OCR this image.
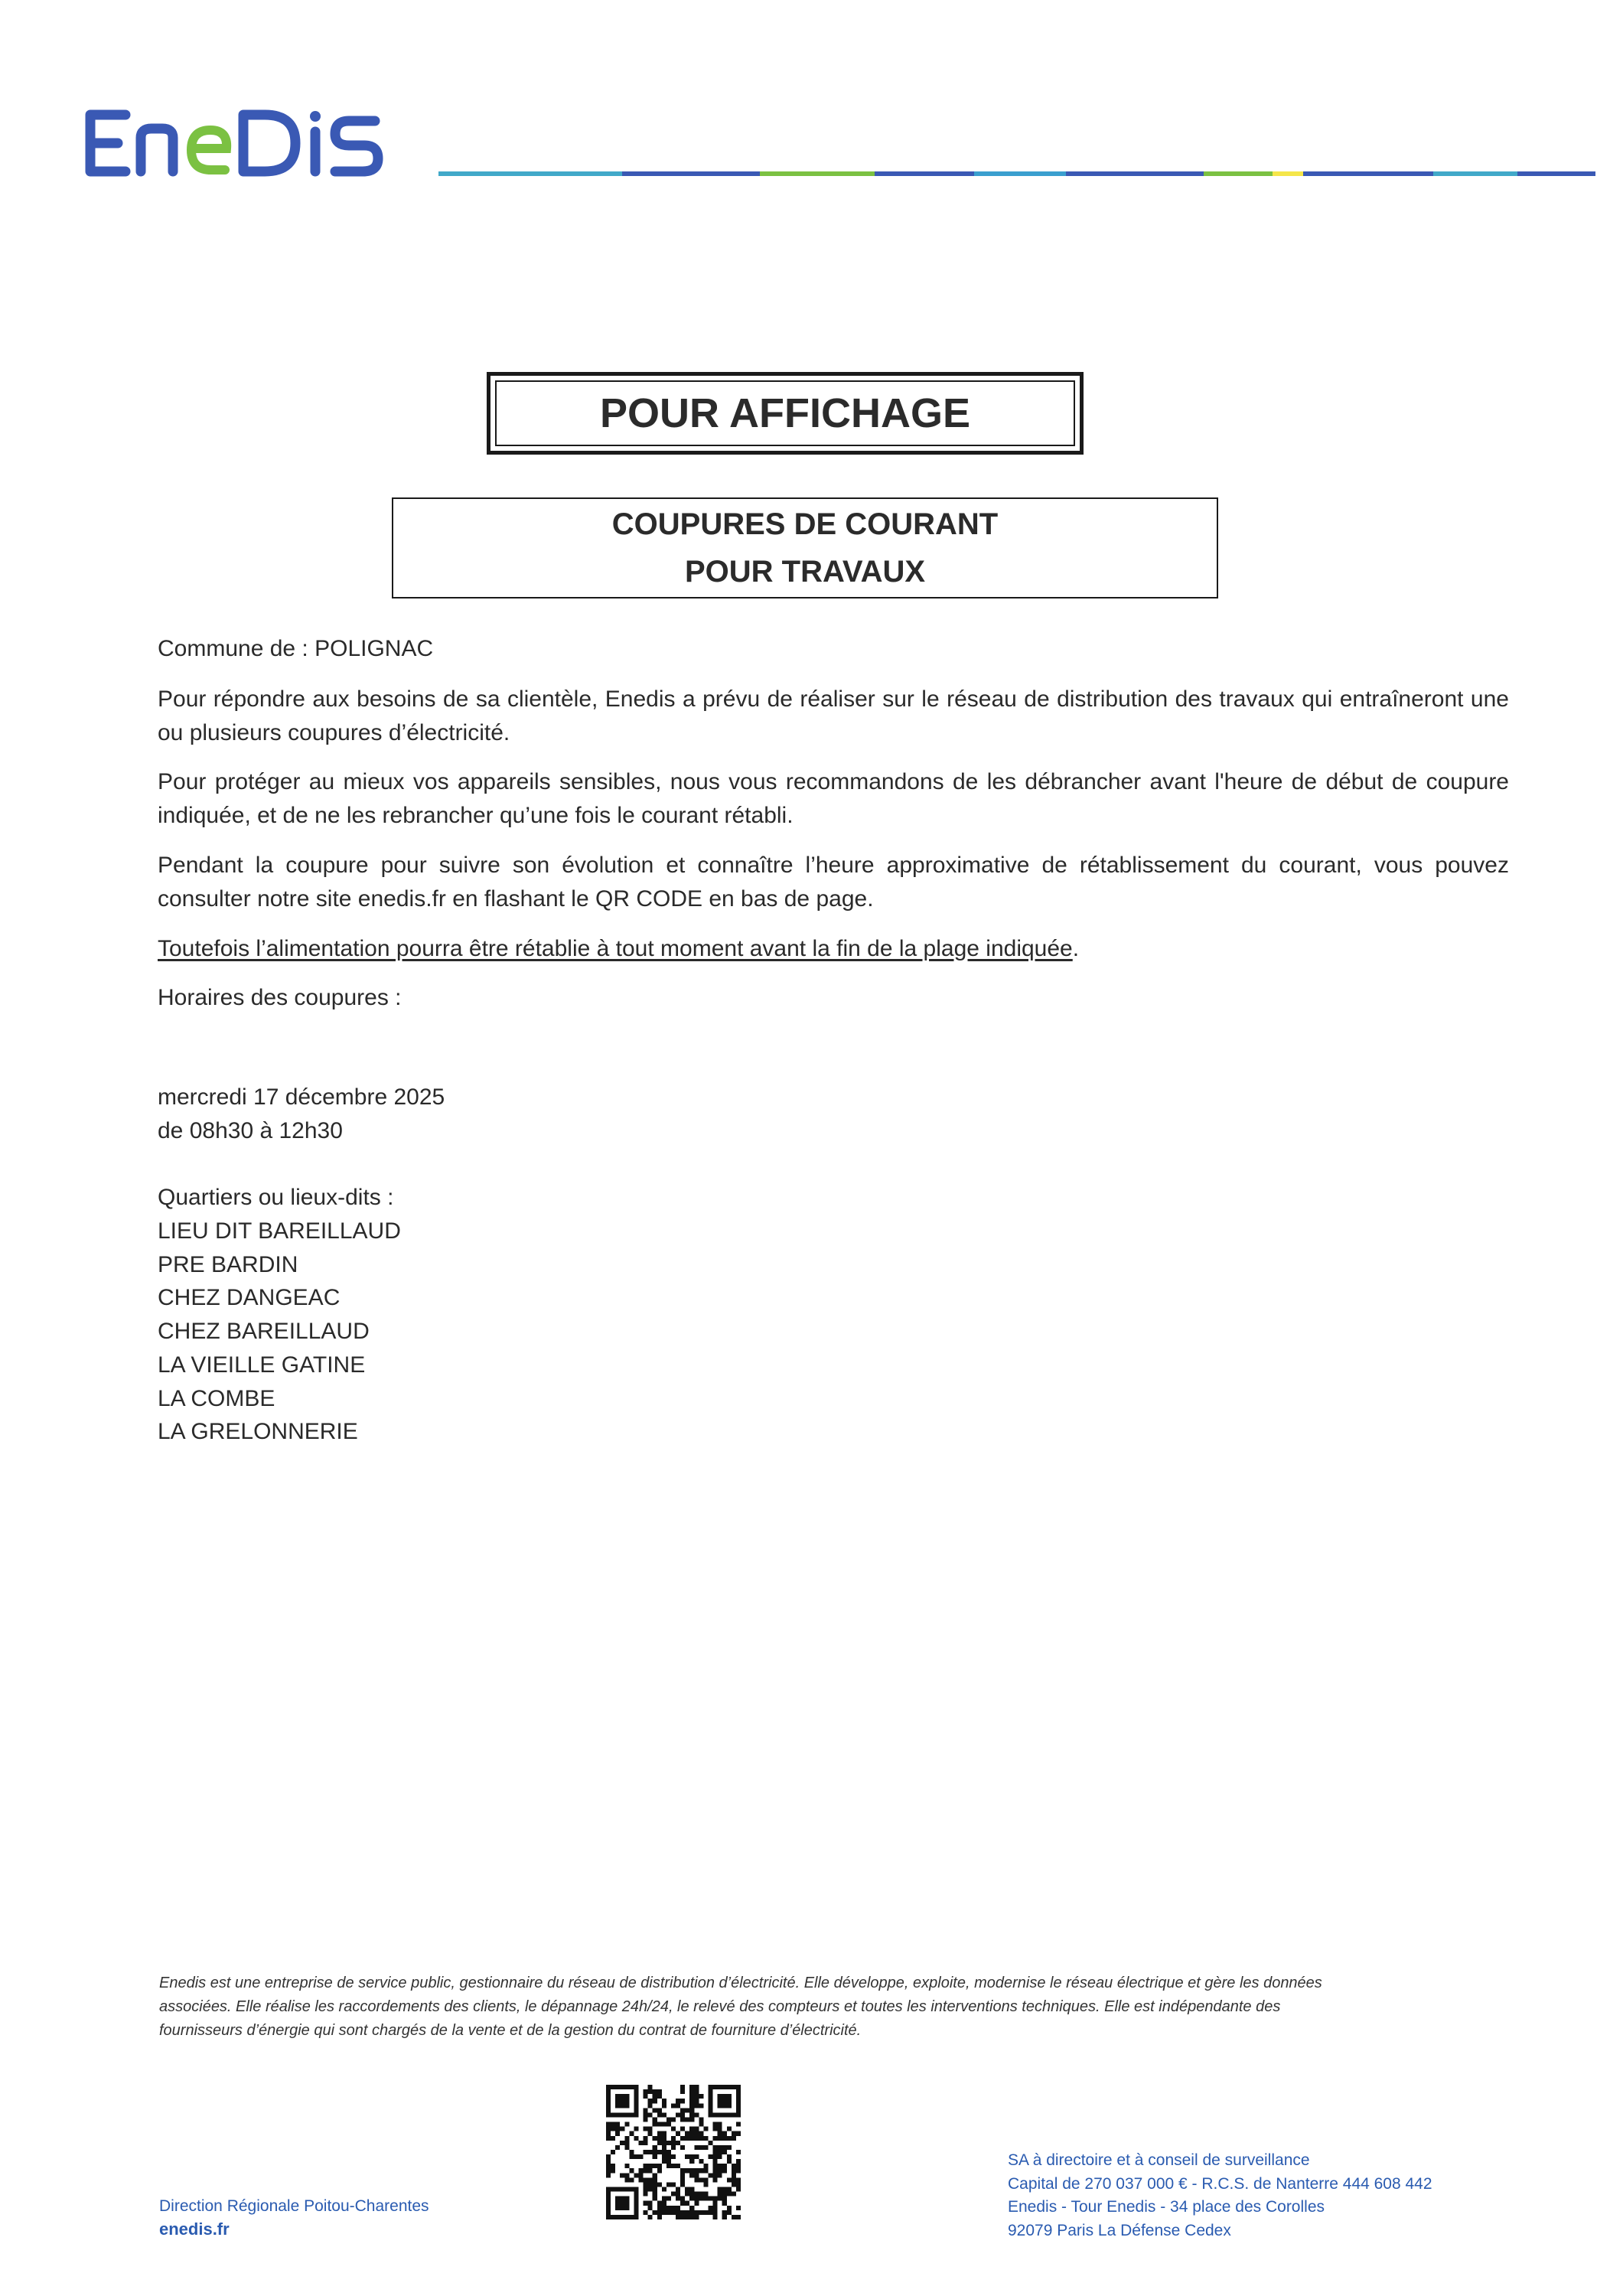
POUR AFFICHAGE
COUPURES DE COURANT
POUR TRAVAUX
Commune de : POLIGNAC
Pour répondre aux besoins de sa clientèle, Enedis a prévu de réaliser sur le réseau de distribution des travaux qui entraîneront une ou plusieurs coupures d’électricité.
Pour protéger au mieux vos appareils sensibles, nous vous recommandons de les débrancher avant l'heure de début de coupure indiquée, et de ne les rebrancher qu’une fois le courant rétabli.
Pendant la coupure pour suivre son évolution et connaître l’heure approximative de rétablissement du courant, vous pouvez consulter notre site enedis.fr en flashant le QR CODE en bas de page.
Toutefois l’alimentation pourra être rétablie à tout moment avant la fin de la plage indiquée.
Horaires des coupures :
mercredi 17 décembre 2025
de 08h30 à 12h30
Quartiers ou lieux-dits :
LIEU DIT BAREILLAUD
PRE BARDIN
CHEZ DANGEAC
CHEZ BAREILLAUD
LA VIEILLE GATINE
LA COMBE
LA GRELONNERIE
Enedis est une entreprise de service public, gestionnaire du réseau de distribution d’électricité. Elle développe, exploite, modernise le réseau électrique et gère les données
associées. Elle réalise les raccordements des clients, le dépannage 24h/24, le relevé des compteurs et toutes les interventions techniques. Elle est indépendante des
fournisseurs d’énergie qui sont chargés de la vente et de la gestion du contrat de fourniture d’électricité.
Direction Régionale Poitou-Charentes
enedis.fr
SA à directoire et à conseil de surveillance
Capital de 270 037 000 € - R.C.S. de Nanterre 444 608 442
Enedis - Tour Enedis - 34 place des Corolles
92079 Paris La Défense Cedex
